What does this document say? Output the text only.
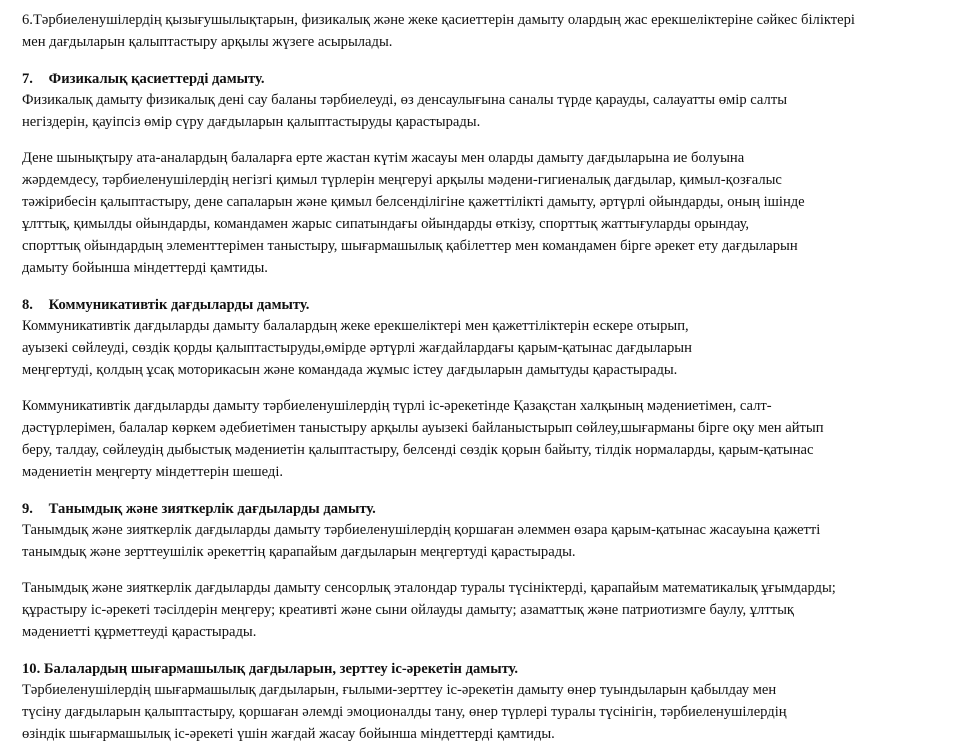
6.Тәрбиеленушілердің қызығушылықтарын, физикалық және жеке қасиеттерін дамыту олардың жас ерекшеліктеріне сәйкес біліктері
мен дағдыларын қалыптастыру арқылы жүзеге асырылады.
7. Физикалық қасиеттерді дамыту.
Физикалық дамыту физикалық дені сау баланы тәрбиелеуді, өз денсаулығына саналы түрде қарауды, салауатты өмір салты
негіздерін, қауіпсіз өмір сүру дағдыларын қалыптастыруды қарастырады.
Дене шынықтыру ата-аналардың балаларға ерте жастан күтім жасауы мен оларды дамыту дағдыларына ие болуына
жәрдемдесу, тәрбиеленушілердің негізгі қимыл түрлерін меңгеруі арқылы мәдени-гигиеналық дағдылар, қимыл-қозғалыс
тәжірибесін қалыптастыру, дене сапаларын және қимыл белсенділігіне қажеттілікті дамыту, әртүрлі ойындарды, оның ішінде
ұлттық, қимылды ойындарды, командамен жарыс сипатындағы ойындарды өткізу, спорттық жаттығуларды орындау,
спорттық ойындардың элементтерімен таныстыру, шығармашылық қабілеттер мен командамен бірге әрекет ету дағдыларын
дамыту бойынша міндеттерді қамтиды.
8. Коммуникативтік дағдыларды дамыту.
Коммуникативтік дағдыларды дамыту балалардың жеке ерекшеліктері мен қажеттіліктерін ескере отырып,
ауызекі сөйлеуді, сөздік қорды қалыптастыруды,өмірде әртүрлі жағдайлардағы қарым-қатынас дағдыларын
меңгертуді, қолдың ұсақ моторикасын және командада жұмыс істеу дағдыларын дамытуды қарастырады.
Коммуникативтік дағдыларды дамыту тәрбиеленушілердің түрлі іс-әрекетінде Қазақстан халқының мәдениетімен, салт-
дәстүрлерімен, балалар көркем әдебиетімен таныстыру арқылы ауызекі байланыстырып сөйлеу,шығарманы бірге оқу мен айтып
беру, талдау, сөйлеудің дыбыстық мәдениетін қалыптастыру, белсенді сөздік қорын байыту, тілдік нормаларды, қарым-қатынас
мәдениетін меңгерту міндеттерін шешеді.
9. Танымдық және зияткерлік дағдыларды дамыту.
Танымдық және зияткерлік дағдыларды дамыту тәрбиеленушілердің қоршаған әлеммен өзара қарым-қатынас жасауына қажетті
танымдық және зерттеушілік әрекеттің қарапайым дағдыларын меңгертуді қарастырады.
Танымдық және зияткерлік дағдыларды дамыту сенсорлық эталондар туралы түсініктерді, қарапайым математикалық ұғымдарды;
құрастыру іс-әрекеті тәсілдерін меңгеру; креативті және сыни ойлауды дамыту; азаматтық және патриотизмге баулу, ұлттық
мәдениетті құрметтеуді қарастырады.
10. Балалардың шығармашылық дағдыларын, зерттеу іс-әрекетін дамыту.
Тәрбиеленушілердің шығармашылық дағдыларын, ғылыми-зерттеу іс-әрекетін дамыту өнер туындыларын қабылдау мен
түсіну дағдыларын қалыптастыру, қоршаған әлемді эмоционалды тану, өнер түрлері туралы түсінігін, тәрбиеленушілердің
өзіндік шығармашылық іс-әрекеті үшін жағдай жасау бойынша міндеттерді қамтиды.
